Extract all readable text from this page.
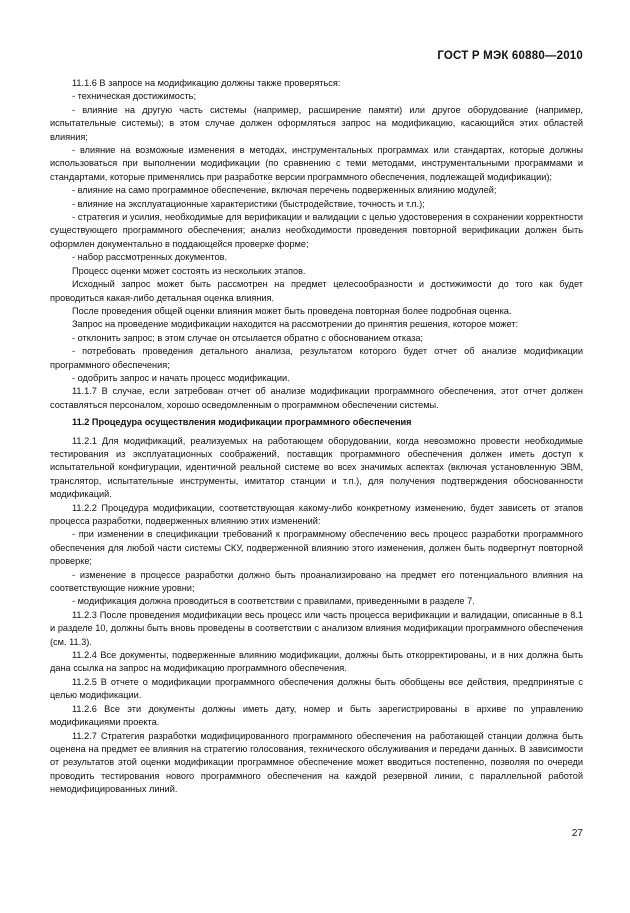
ГОСТ Р МЭК 60880—2010

11.1.6 В запросе на модификацию должны также проверяться:

- техническая достижимость;

- влияние на другую часть системы (например, расширение памяти) или другое оборудование (например, испытательные системы); в этом случае должен оформляться запрос на модификацию, касающийся этих областей влияния;

- влияние на возможные изменения в методах, инструментальных программах или стандартах, которые должны использоваться при выполнении модификации (по сравнению с теми методами, инструментальными программами и стандартами, которые применялись при разработке версии программного обеспечения, подлежащей модификации);

- влияние на само программное обеспечение, включая перечень подверженных влиянию модулей;

- влияние на эксплуатационные характеристики (быстродействие, точность и т.п.);

- стратегия и усилия, необходимые для верификации и валидации с целью удостоверения в сохранении корректности существующего программного обеспечения; анализ необходимости проведения повторной верификации должен быть оформлен документально в поддающейся проверке форме;

- набор рассмотренных документов.

Процесс оценки может состоять из нескольких этапов.

Исходный запрос может быть рассмотрен на предмет целесообразности и достижимости до того как будет проводиться какая-либо детальная оценка влияния.

После проведения общей оценки влияния может быть проведена повторная более подробная оценка.

Запрос на проведение модификации находится на рассмотрении до принятия решения, которое может:

- отклонить запрос; в этом случае он отсылается обратно с обоснованием отказа;

- потребовать проведения детального анализа, результатом которого будет отчет об анализе модификации программного обеспечения;

- одобрить запрос и начать процесс модификации.

11.1.7 В случае, если затребован отчет об анализе модификации программного обеспечения, этот отчет должен составляться персоналом, хорошо осведомленным о программном обеспечении системы.

11.2 Процедура осуществления модификации программного обеспечения

11.2.1 Для модификаций, реализуемых на работающем оборудовании, когда невозможно провести необходимые тестирования из эксплуатационных соображений, поставщик программного обеспечения должен иметь доступ к испытательной конфигурации, идентичной реальной системе во всех значимых аспектах (включая установленную ЭВМ, транслятор, испытательные инструменты, имитатор станции и т.п.), для получения подтверждения обоснованности модификаций.

11.2.2 Процедура модификации, соответствующая какому-либо конкретному изменению, будет зависеть от этапов процесса разработки, подверженных влиянию этих изменений:

- при изменении в спецификации требований к программному обеспечению весь процесс разработки программного обеспечения для любой части системы СКУ, подверженной влиянию этого изменения, должен быть подвергнут повторной проверке;

- изменение в процессе разработки должно быть проанализировано на предмет его потенциального влияния на соответствующие нижние уровни;

- модификация должна проводиться в соответствии с правилами, приведенными в разделе 7.

11.2.3 После проведения модификации весь процесс или часть процесса верификации и валидации, описанные в 8.1 и разделе 10, должны быть вновь проведены в соответствии с анализом влияния модификации программного обеспечения (см. 11.3).

11.2.4 Все документы, подверженные влиянию модификации, должны быть откорректированы, и в них должна быть дана ссылка на запрос на модификацию программного обеспечения.

11.2.5 В отчете о модификации программного обеспечения должны быть обобщены все действия, предпринятые с целью модификации.

11.2.6 Все эти документы должны иметь дату, номер и быть зарегистрированы в архиве по управлению модификациями проекта.

11.2.7 Стратегия разработки модифицированного программного обеспечения на работающей станции должна быть оценена на предмет ее влияния на стратегию голосования, технического обслуживания и передачи данных. В зависимости от результатов этой оценки модификации программное обеспечение может вводиться постепенно, позволяя по очереди проводить тестирования нового программного обеспечения на каждой резервной линии, с параллельной работой немодифицированных линий.

27
